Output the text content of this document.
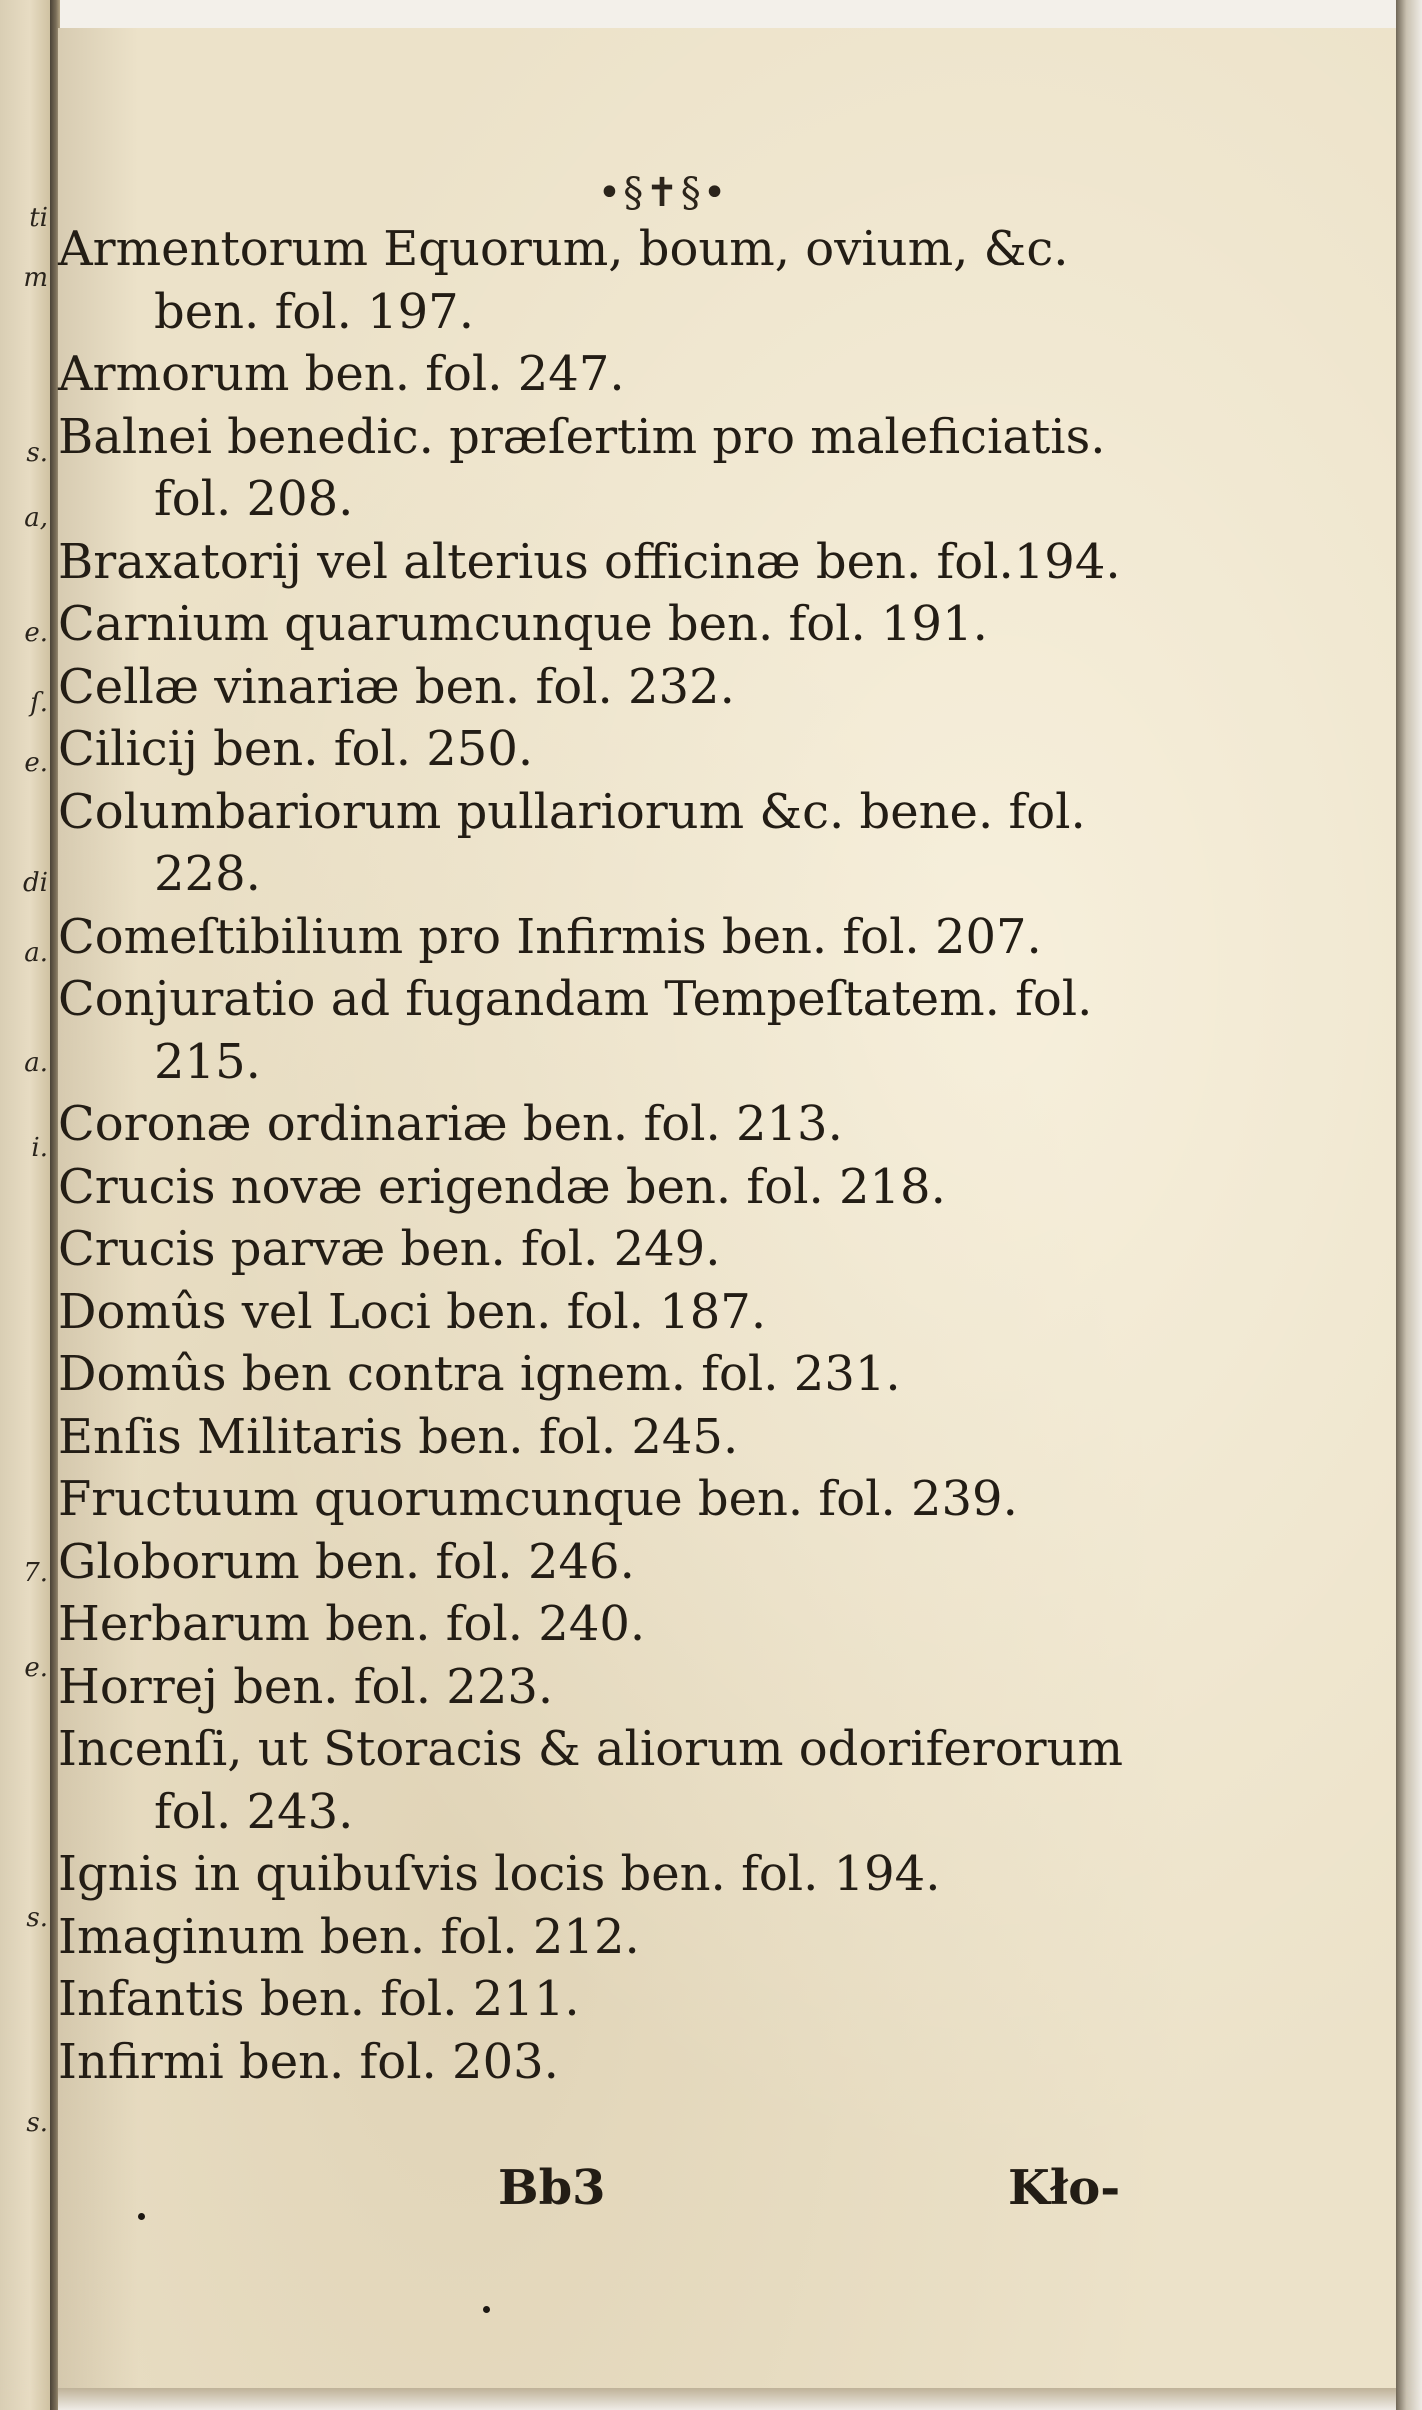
ti
m
s.
a,
e.
ſ.
e.
di
a.
a.
i.
7.
e.
s.
s.
•§✝§•

Armentorum Equorum, boum, ovium, &c.
ben. fol. 197.

Armorum ben. fol. 247.

Balnei benedic. præſertim pro maleficiatis.
fol. 208.

Braxatorij vel alterius officinæ ben. fol.194.

Carnium quarumcunque ben. fol. 191.

Cellæ vinariæ ben. fol. 232.

Cilicij ben. fol. 250.

Columbariorum pullariorum &c. bene. fol.
228.

Comeſtibilium pro Infirmis ben. fol. 207.

Conjuratio ad fugandam Tempeſtatem. fol.
215.

Coronæ ordinariæ ben. fol. 213.

Crucis novæ erigendæ ben. fol. 218.

Crucis parvæ ben. fol. 249.

Domûs vel Loci ben. fol. 187.

Domûs ben contra ignem. fol. 231.

Enſis Militaris ben. fol. 245.

Fructuum quorumcunque ben. fol. 239.

Globorum ben. fol. 246.

Herbarum ben. fol. 240.

Horrej ben. fol. 223.

Incenſi, ut Storacis & aliorum odoriferorum
fol. 243.

Ignis in quibuſvis locis ben. fol. 194.

Imaginum ben. fol. 212.

Infantis ben. fol. 211.

Infirmi ben. fol. 203.

Bb3	Kło-
